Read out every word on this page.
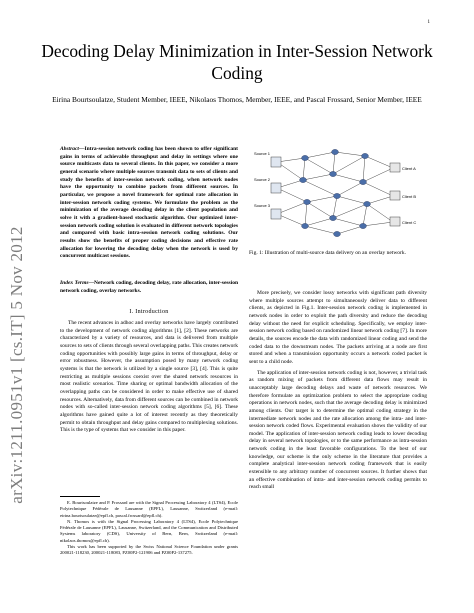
1
Decoding Delay Minimization in Inter-Session Network Coding
Eirina Bourtsoulatze, Student Member, IEEE, Nikolaos Thomos, Member, IEEE, and Pascal Frossard, Senior Member, IEEE
arXiv:1211.0951v1 [cs.IT] 5 Nov 2012
Abstract—Intra-session network coding has been shown to offer significant gains in terms of achievable throughput and delay in settings where one source multicasts data to several clients. In this paper, we consider a more general scenario where multiple sources transmit data to sets of clients and study the benefits of inter-session network coding, when network nodes have the opportunity to combine packets from different sources. In particular, we propose a novel framework for optimal rate allocation in inter-session network coding systems. We formulate the problem as the minimization of the average decoding delay in the client population and solve it with a gradient-based stochastic algorithm. Our optimized inter-session network coding solution is evaluated in different network topologies and compared with basic intra-session network coding solutions. Our results show the benefits of proper coding decisions and effective rate allocation for lowering the decoding delay when the network is used by concurrent multicast sessions.
Index Terms—Network coding, decoding delay, rate allocation, inter-session network coding, overlay networks.
I. Introduction
The recent advances in adhoc and overlay networks have largely contributed to the development of network coding algorithms [1], [2]. These networks are characterized by a variety of resources, and data is delivered from multiple sources to sets of clients through several overlapping paths. This creates network coding opportunities with possibly large gains in terms of throughput, delay or error robustness. However, the assumption posed by many network coding systems is that the network is utilized by a single source [3], [4]. This is quite restricting as multiple sessions coexist over the shared network resources in most realistic scenarios. Time sharing or optimal bandwidth allocation of the overlapping paths can be considered in order to make effective use of shared resources. Alternatively, data from different sources can be combined in network nodes with so-called inter-session network coding algorithms [5], [6]. These algorithms have gained quite a lot of interest recently as they theoretically permit to obtain throughput and delay gains compared to multiplexing solutions. This is the type of systems that we consider in this paper.

E. Bourtsoulatze and P. Frossard are with the Signal Processing Laboratory 4 (LTS4), Ecole Polytechnique Fédérale de Lausanne (EPFL), Lausanne, Switzerland (e-mail: eirina.bourtsoulatze@epfl.ch, pascal.frossard@epfl.ch).

N. Thomos is with the Signal Processing Laboratory 4 (LTS4), Ecole Polytechnique Fédérale de Lausanne (EPFL), Lausanne, Switzerland, and the Communication and Distributed Systems laboratory (CDS), University of Bern, Bern, Switzerland (e-mail: nikolaos.thomos@epfl.ch).

This work has been supported by the Swiss National Science Foundation under grants 200021-118230, 200021-118083, PZ00P2-121906 and PZ00P2-137275.

Source 1
Source 2
Source 3
Client A
Client B
Client C
Fig. 1: Illustration of multi-source data delivery on an overlay network.

More precisely, we consider lossy networks with significant path diversity where multiple sources attempt to simultaneously deliver data to different clients, as depicted in Fig.1. Inter-session network coding is implemented in network nodes in order to exploit the path diversity and reduce the decoding delay without the need for explicit scheduling. Specifically, we employ inter-session network coding based on randomized linear network coding [7]. In more details, the sources encode the data with randomized linear coding and send the coded data to the downstream nodes. The packets arriving at a node are first stored and when a transmission opportunity occurs a network coded packet is sent to a child node.

The application of inter-session network coding is not, however, a trivial task as random mixing of packets from different data flows may result in unacceptably large decoding delays and waste of network resources. We therefore formulate an optimization problem to select the appropriate coding operations in network nodes, such that the average decoding delay is minimized among clients. Our target is to determine the optimal coding strategy in the intermediate network nodes and the rate allocation among the intra- and inter-session network coded flows. Experimental evaluation shows the validity of our model. The application of inter-session network coding leads to lower decoding delay in several network topologies, or to the same performance as intra-session network coding in the least favorable configurations. To the best of our knowledge, our scheme is the only scheme in the literature that provides a complete analytical inter-session network coding framework that is easily extensible to any arbitrary number of concurrent sources. It further shows that an effective combination of intra- and inter-session network coding permits to reach small
